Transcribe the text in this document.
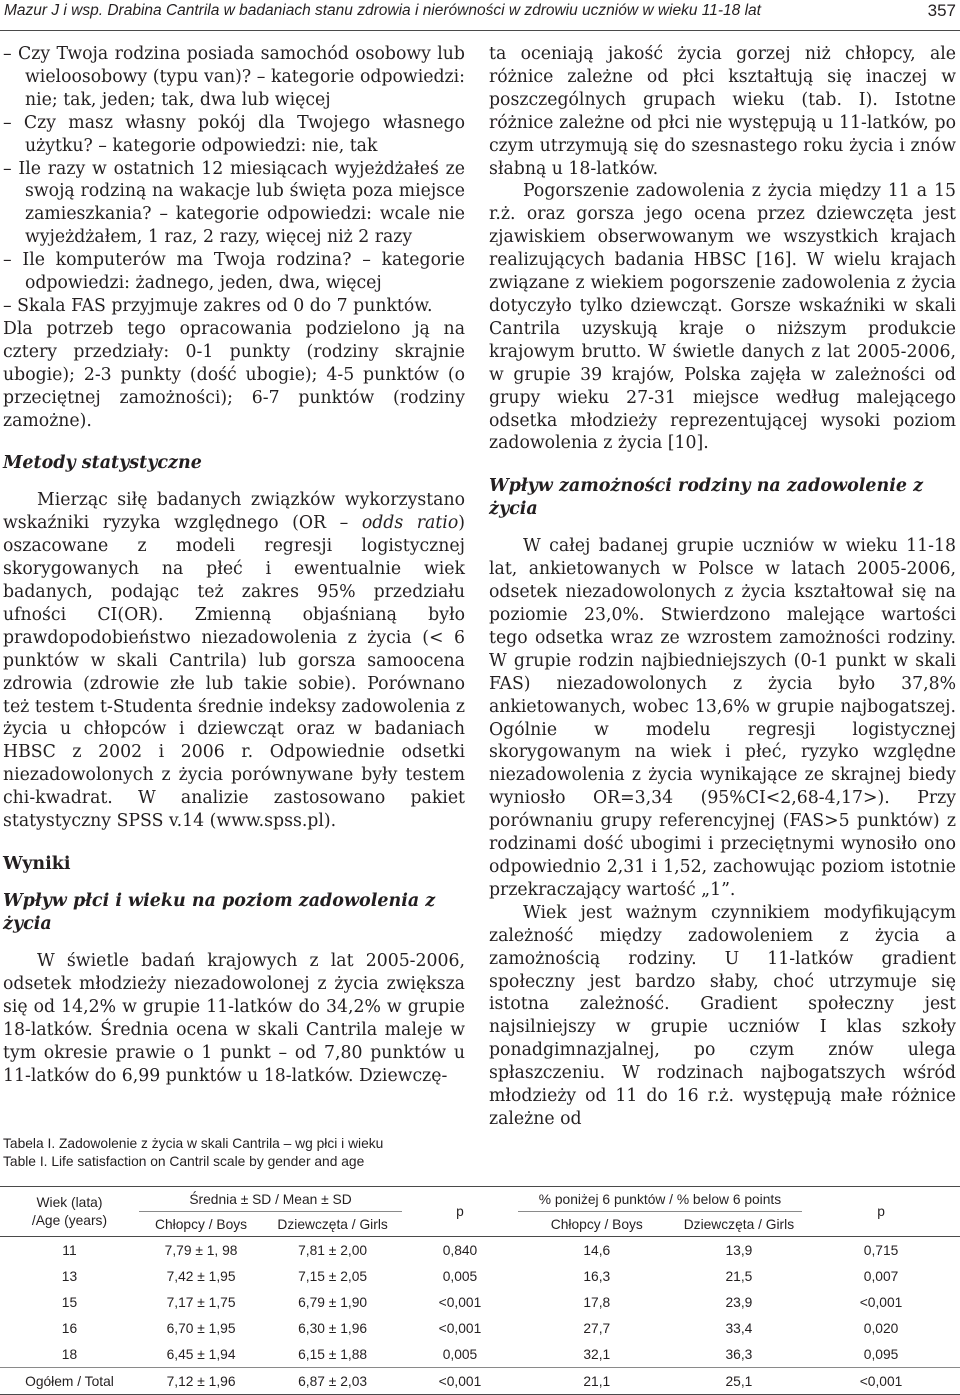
Mazur J i wsp. Drabina Cantrila w badaniach stanu zdrowia i nierówności w zdrowiu uczniów w wieku 11-18 lat	357

– Czy Twoja rodzina posiada samochód osobowy lub wieloosobowy (typu van)? – kategorie odpowiedzi: nie; tak, jeden; tak, dwa lub więcej

– Czy masz własny pokój dla Twojego własnego użytku? – kategorie odpowiedzi: nie, tak

– Ile razy w ostatnich 12 miesiącach wyjeżdżałeś ze swoją rodziną na wakacje lub święta poza miejsce zamieszkania? – kategorie odpowiedzi: wcale nie wyjeżdżałem, 1 raz, 2 razy, więcej niż 2 razy

– Ile komputerów ma Twoja rodzina? – kategorie odpowiedzi: żadnego, jeden, dwa, więcej

– Skala FAS przyjmuje zakres od 0 do 7 punktów.

Dla potrzeb tego opracowania podzielono ją na cztery przedziały: 0-1 punkty (rodziny skrajnie ubogie); 2-3 punkty (dość ubogie); 4-5 punktów (o przeciętnej zamożności); 6-7 punktów (rodziny zamożne).

Metody statystyczne

Mierząc siłę badanych związków wykorzystano wskaźniki ryzyka względnego (OR – odds ratio) oszacowane z modeli regresji logistycznej skorygowanych na płeć i ewentualnie wiek badanych, podając też zakres 95% przedziału ufności CI(OR). Zmienną objaśnianą było prawdopodobieństwo niezadowolenia z życia (< 6 punktów w skali Cantrila) lub gorsza samoocena zdrowia (zdrowie złe lub takie sobie). Porównano też testem t-Studenta średnie indeksy zadowolenia z życia u chłopców i dziewcząt oraz w badaniach HBSC z 2002 i 2006 r. Odpowiednie odsetki niezadowolonych z życia porównywane były testem chi-kwadrat. W analizie zastosowano pakiet statystyczny SPSS v.14 (www.spss.pl).

Wyniki

Wpływ płci i wieku na poziom zadowolenia z życia

W świetle badań krajowych z lat 2005-2006, odsetek młodzieży niezadowolonej z życia zwiększa się od 14,2% w grupie 11-latków do 34,2% w grupie 18-latków. Średnia ocena w skali Cantrila maleje w tym okresie prawie o 1 punkt – od 7,80 punktów u 11-latków do 6,99 punktów u 18-latków. Dziewczę-

ta oceniają jakość życia gorzej niż chłopcy, ale różnice zależne od płci kształtują się inaczej w poszczególnych grupach wieku (tab. I). Istotne różnice zależne od płci nie występują u 11-latków, po czym utrzymują się do szesnastego roku życia i znów słabną u 18-latków.

Pogorszenie zadowolenia z życia między 11 a 15 r.ż. oraz gorsza jego ocena przez dziewczęta jest zjawiskiem obserwowanym we wszystkich krajach realizujących badania HBSC [16]. W wielu krajach związane z wiekiem pogorszenie zadowolenia z życia dotyczyło tylko dziewcząt. Gorsze wskaźniki w skali Cantrila uzyskują kraje o niższym produkcie krajowym brutto. W świetle danych z lat 2005-2006, w grupie 39 krajów, Polska zajęła w zależności od grupy wieku 27-31 miejsce według malejącego odsetka młodzieży reprezentującej wysoki poziom zadowolenia z życia [10].

Wpływ zamożności rodziny na zadowolenie z życia

W całej badanej grupie uczniów w wieku 11-18 lat, ankietowanych w Polsce w latach 2005-2006, odsetek niezadowolonych z życia kształtował się na poziomie 23,0%. Stwierdzono malejące wartości tego odsetka wraz ze wzrostem zamożności rodziny. W grupie rodzin najbiedniejszych (0-1 punkt w skali FAS) niezadowolonych z życia było 37,8% ankietowanych, wobec 13,6% w grupie najbogatszej. Ogólnie w modelu regresji logistycznej skorygowanym na wiek i płeć, ryzyko względne niezadowolenia z życia wynikające ze skrajnej biedy wyniosło OR=3,34 (95%CI<2,68-4,17>). Przy porównaniu grupy referencyjnej (FAS>5 punktów) z rodzinami dość ubogimi i przeciętnymi wynosiło ono odpowiednio 2,31 i 1,52, zachowując poziom istotnie przekraczający wartość „1”.

Wiek jest ważnym czynnikiem modyfikującym zależność między zadowoleniem z życia a zamożnością rodziny. U 11-latków gradient społeczny jest bardzo słaby, choć utrzymuje się istotna zależność. Gradient społeczny jest najsilniejszy w grupie uczniów I klas szkoły ponadgimnazjalnej, po czym znów ulega spłaszczeniu. W rodzinach najbogatszych wśród młodzieży od 11 do 16 r.ż. występują małe różnice zależne od

Tabela I. Zadowolenie z życia w skali Cantrila – wg płci i wieku
Table I. Life satisfaction on Cantril scale by gender and age
Wiek (lata) /Age (years)	Średnia ± SD / Mean ± SD		p	% poniżej 6 punktów / % below 6 points		p
	Chłopcy / Boys	Dziewczęta / Girls		Chłopcy / Boys	Dziewczęta / Girls	
11	7,79 ± 1, 98	7,81 ± 2,00	0,840	14,6	13,9	0,715
13	7,42 ± 1,95	7,15 ± 2,05	0,005	16,3	21,5	0,007
15	7,17 ± 1,75	6,79 ± 1,90	<0,001	17,8	23,9	<0,001
16	6,70 ± 1,95	6,30 ± 1,96	<0,001	27,7	33,4	0,020
18	6,45 ± 1,94	6,15 ± 1,88	0,005	32,1	36,3	0,095
Ogółem / Total	7,12 ± 1,96	6,87 ± 2,03	<0,001	21,1	25,1	<0,001
